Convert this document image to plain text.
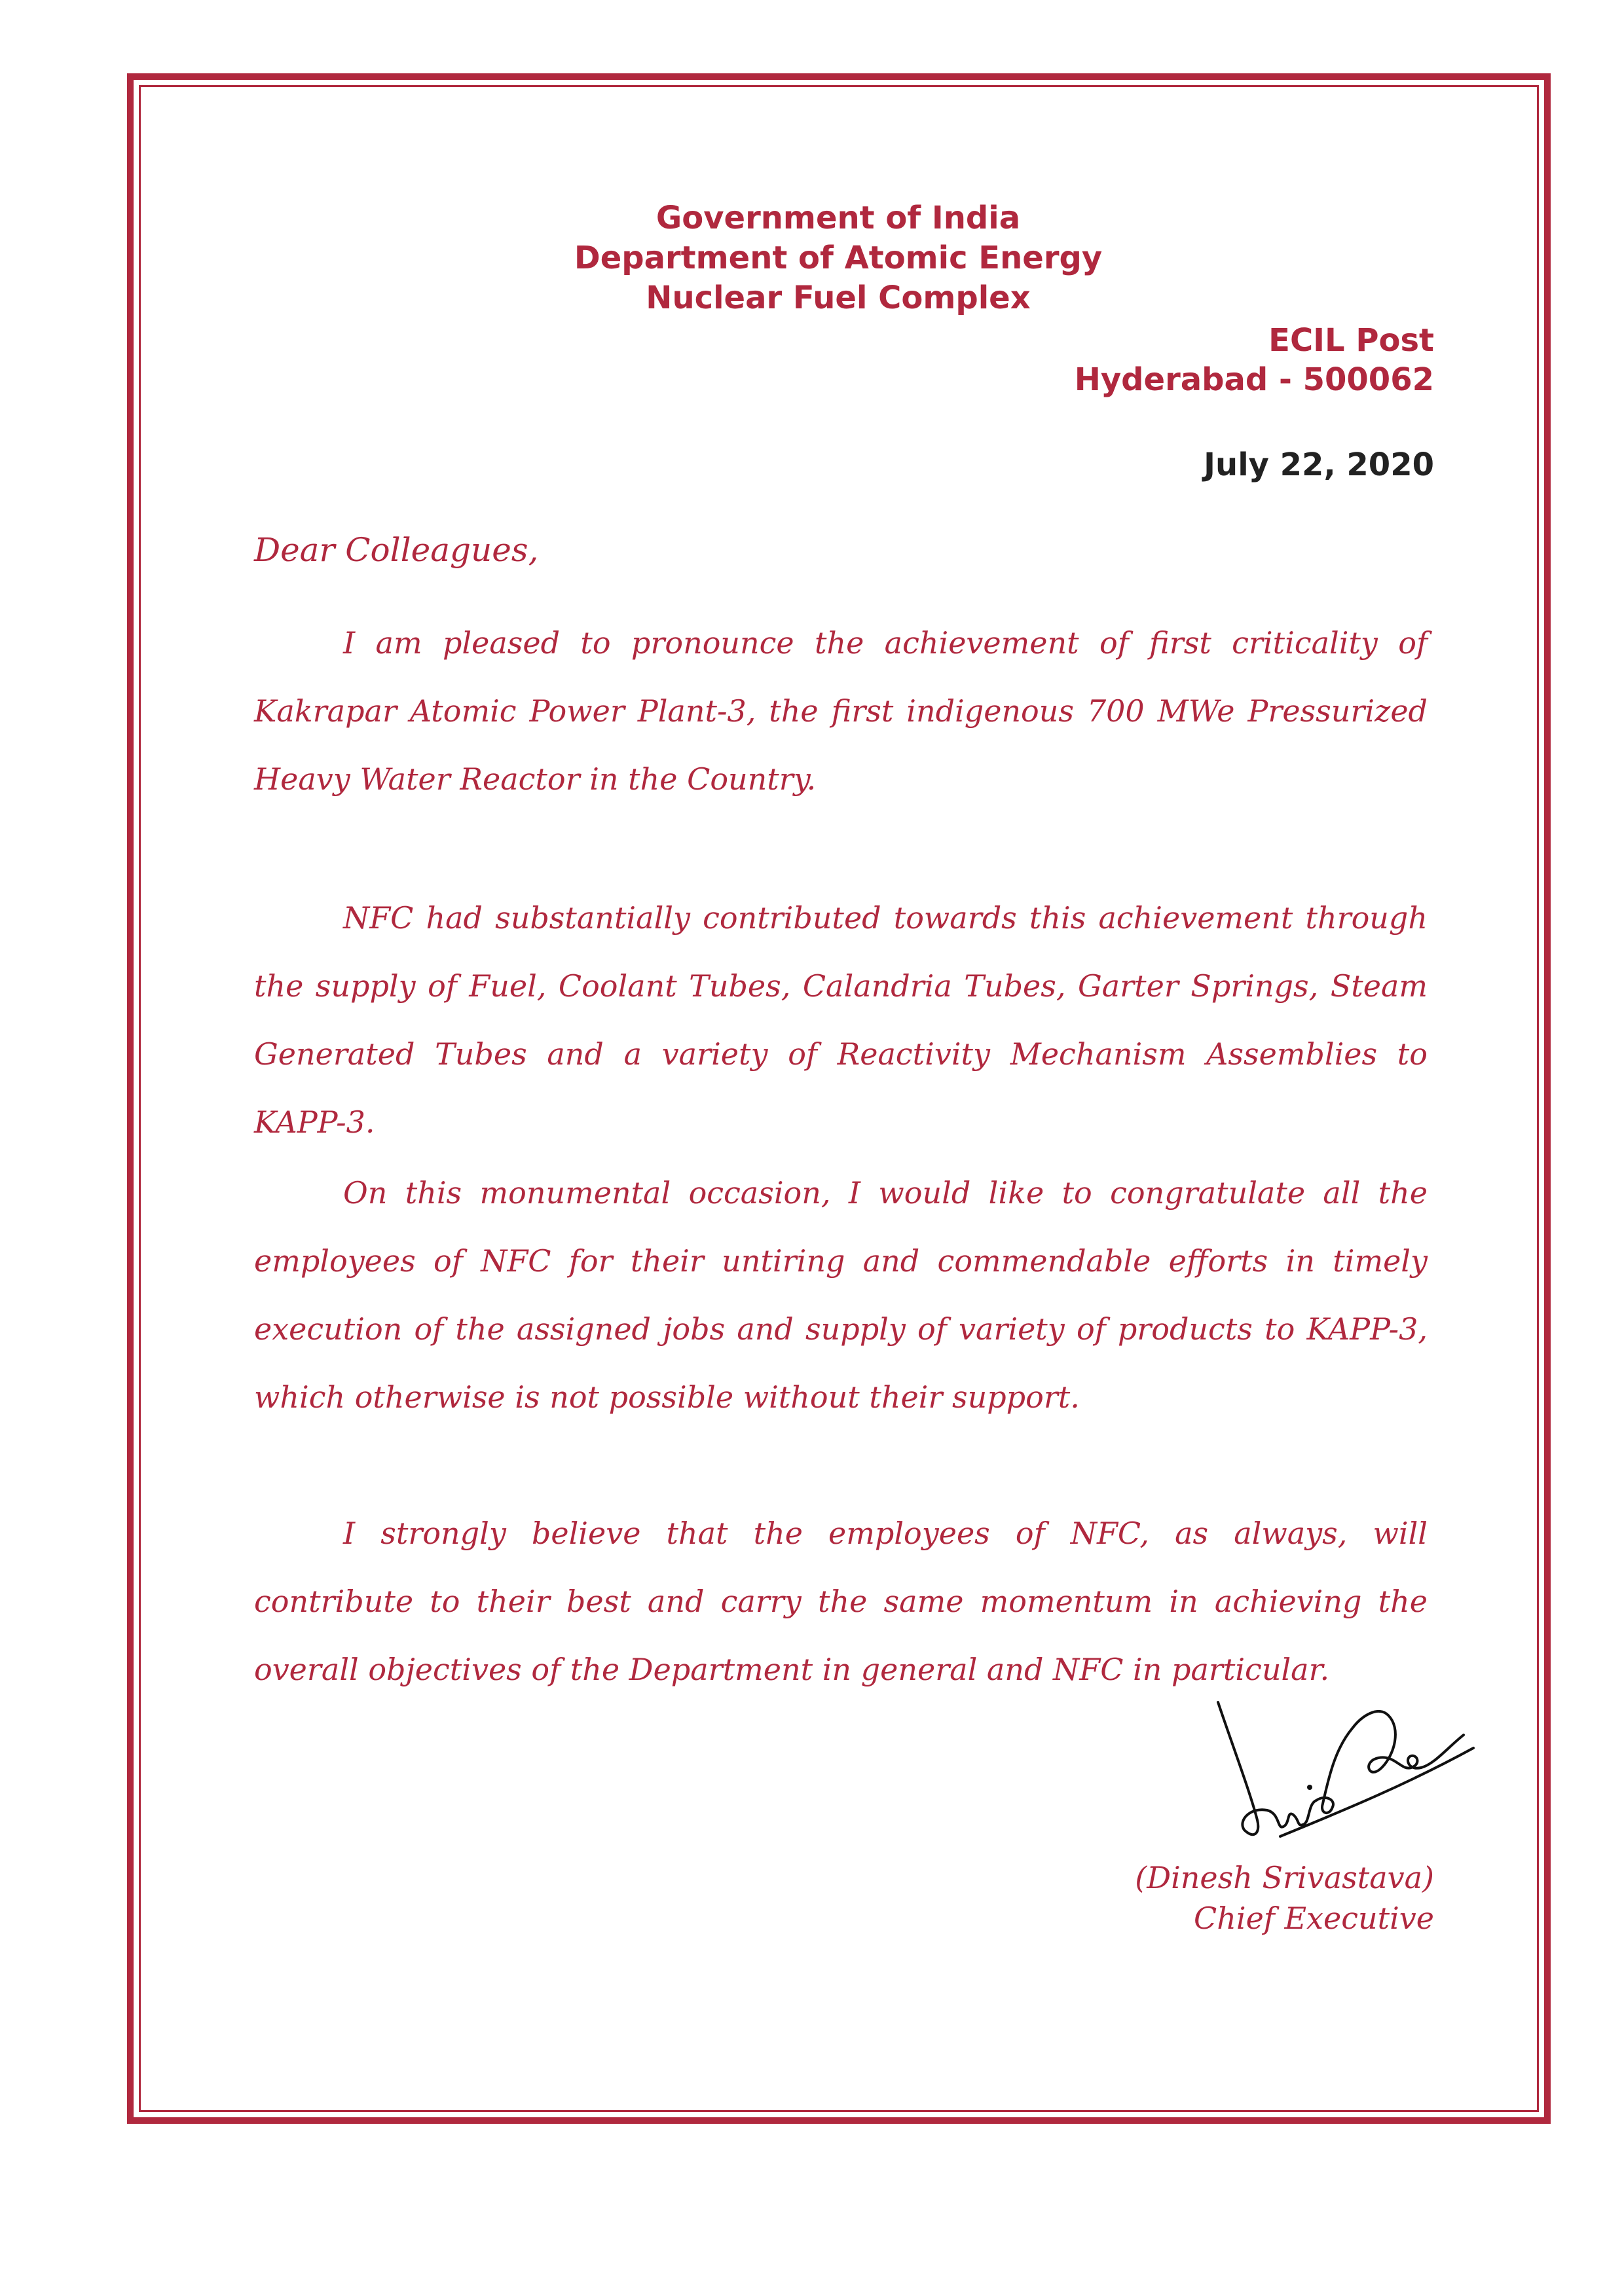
Government of India
Department of Atomic Energy
Nuclear Fuel Complex
ECIL Post
Hyderabad - 500062
July 22, 2020
Dear Colleagues,
I am pleased to pronounce the achievement of first criticality of Kakrapar Atomic Power Plant-3, the first indigenous 700 MWe Pressurized Heavy Water Reactor in the Country.
NFC had substantially contributed towards this achievement through the supply of Fuel, Coolant Tubes, Calandria Tubes, Garter Springs, Steam Generated Tubes and a variety of Reactivity Mechanism Assemblies to KAPP-3.
On this monumental occasion, I would like to congratulate all the employees of NFC for their untiring and commendable efforts in timely execution of the assigned jobs and supply of variety of products to KAPP-3, which otherwise is not possible without their support.
I strongly believe that the employees of NFC, as always, will contribute to their best and carry the same momentum in achieving the overall objectives of the Department in general and NFC in particular.
(Dinesh Srivastava)
Chief Executive
